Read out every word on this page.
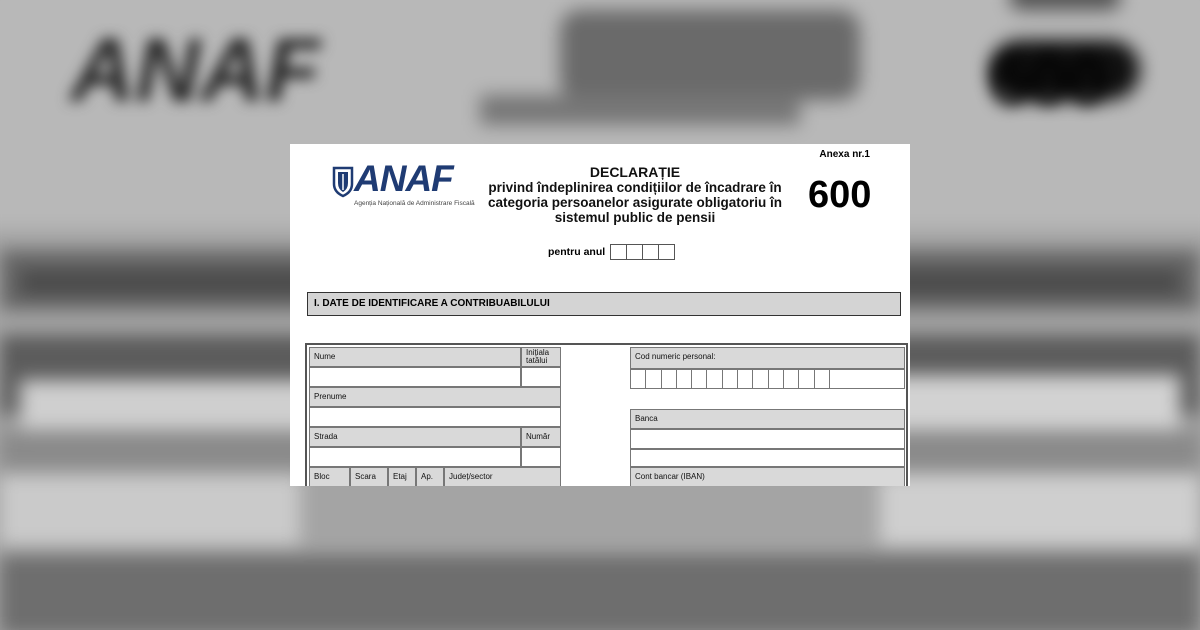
ANAF	600
ANAF
Agenția Națională de Administrare Fiscală
Anexa nr.1
DECLARAȚIE
privind îndeplinirea condițiilor de încadrare în
categoria persoanelor asigurate obligatoriu în
sistemul public de pensii
600
pentru anul
I. DATE DE IDENTIFICARE A CONTRIBUABILULUI
Nume	Inițiala
tatălui
Prenume
Strada	Număr
Bloc	Scara	Etaj	Ap.	Județ/sector
Cod numeric personal:
Banca
Cont bancar (IBAN)
